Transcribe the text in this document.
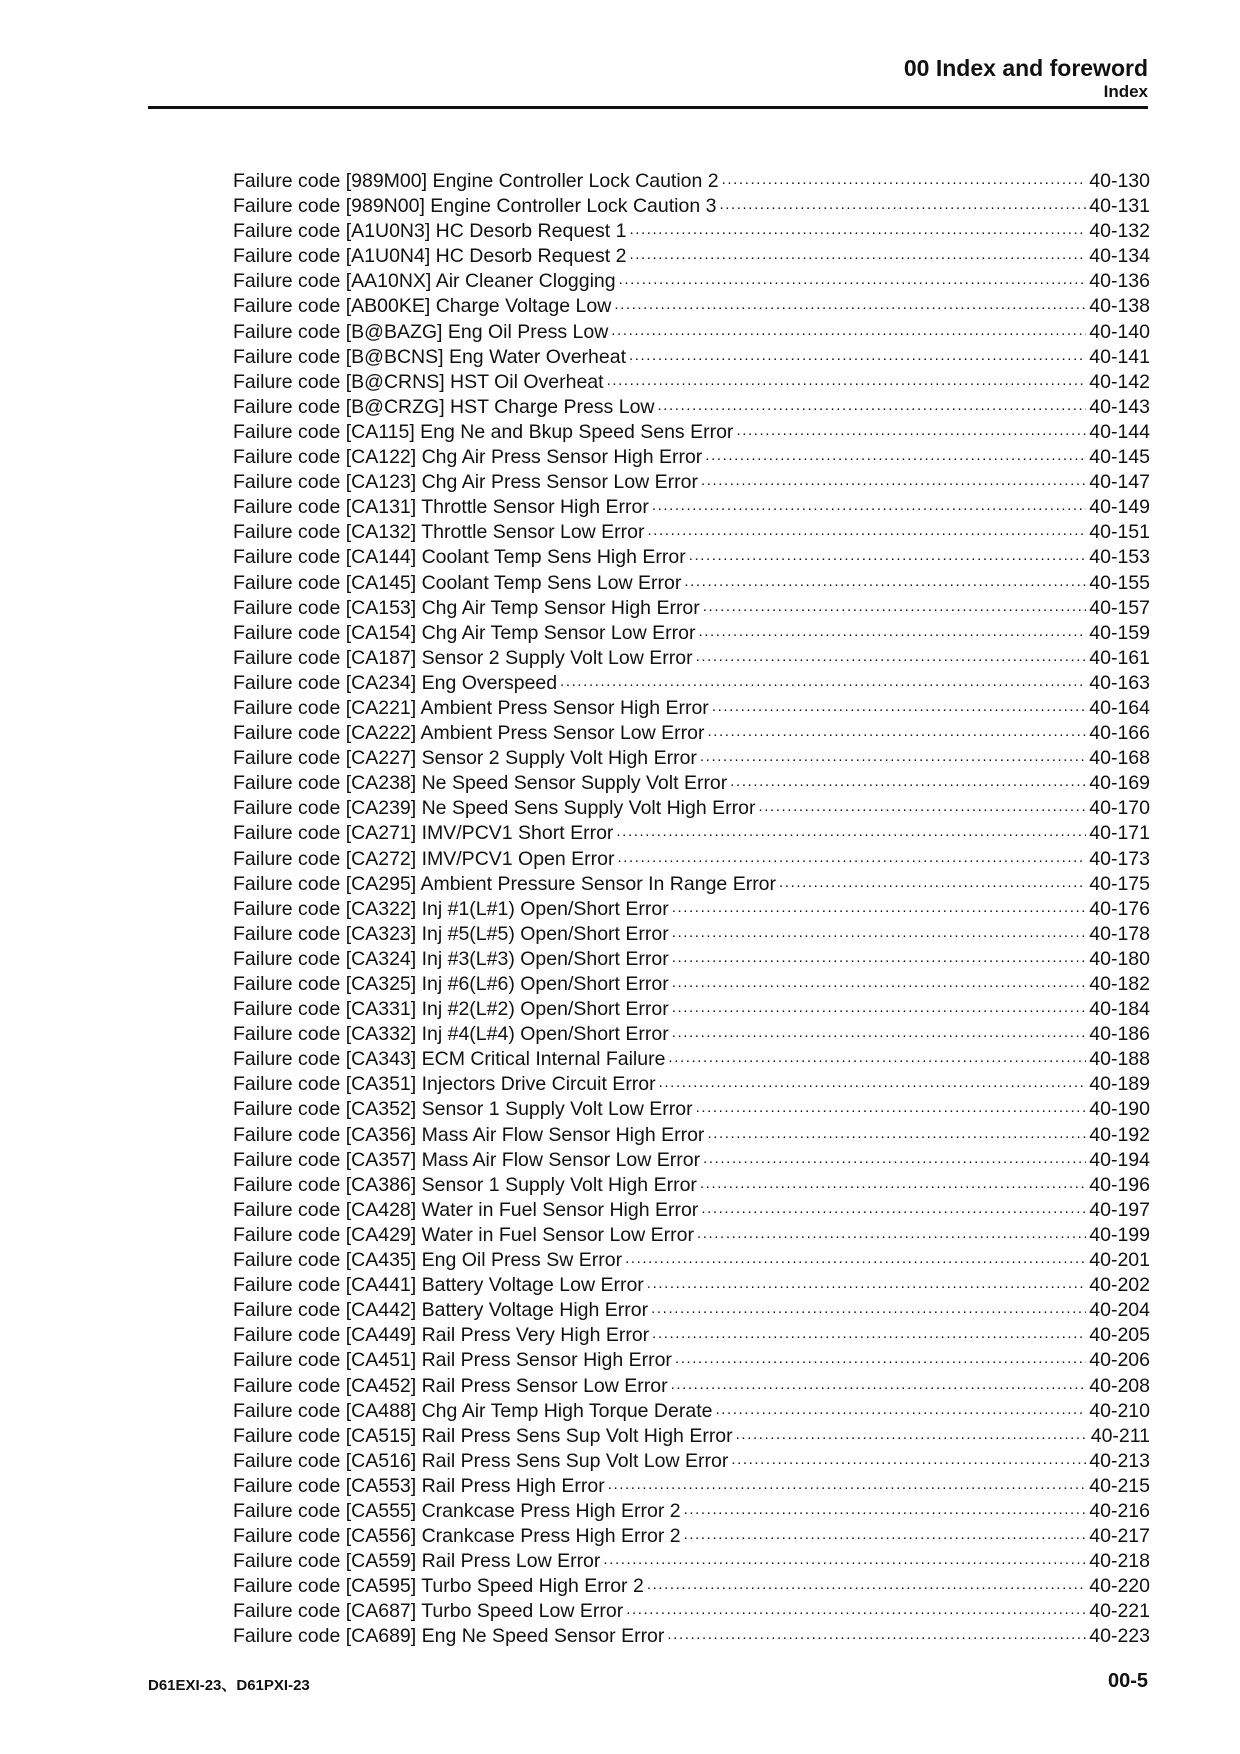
00 Index and foreword
Index
Failure code [989M00] Engine Controller Lock Caution 2 .....	40-130
Failure code [989N00] Engine Controller Lock Caution 3 .....	40-131
Failure code [A1U0N3] HC Desorb Request 1 .....	40-132
Failure code [A1U0N4] HC Desorb Request 2 .....	40-134
Failure code [AA10NX] Air Cleaner Clogging .....	40-136
Failure code [AB00KE] Charge Voltage Low .....	40-138
Failure code [B@BAZG] Eng Oil Press Low .....	40-140
Failure code [B@BCNS] Eng Water Overheat .....	40-141
Failure code [B@CRNS] HST Oil Overheat .....	40-142
Failure code [B@CRZG] HST Charge Press Low .....	40-143
Failure code [CA115] Eng Ne and Bkup Speed Sens Error .....	40-144
Failure code [CA122] Chg Air Press Sensor High Error .....	40-145
Failure code [CA123] Chg Air Press Sensor Low Error .....	40-147
Failure code [CA131] Throttle Sensor High Error .....	40-149
Failure code [CA132] Throttle Sensor Low Error .....	40-151
Failure code [CA144] Coolant Temp Sens High Error .....	40-153
Failure code [CA145] Coolant Temp Sens Low Error .....	40-155
Failure code [CA153] Chg Air Temp Sensor High Error .....	40-157
Failure code [CA154] Chg Air Temp Sensor Low Error .....	40-159
Failure code [CA187] Sensor 2 Supply Volt Low Error .....	40-161
Failure code [CA234] Eng Overspeed .....	40-163
Failure code [CA221] Ambient Press Sensor High Error .....	40-164
Failure code [CA222] Ambient Press Sensor Low Error .....	40-166
Failure code [CA227] Sensor 2 Supply Volt High Error .....	40-168
Failure code [CA238] Ne Speed Sensor Supply Volt Error .....	40-169
Failure code [CA239] Ne Speed Sens Supply Volt High Error .....	40-170
Failure code [CA271] IMV/PCV1 Short Error .....	40-171
Failure code [CA272] IMV/PCV1 Open Error .....	40-173
Failure code [CA295] Ambient Pressure Sensor In Range Error .....	40-175
Failure code [CA322] Inj #1(L#1) Open/Short Error .....	40-176
Failure code [CA323] Inj #5(L#5) Open/Short Error .....	40-178
Failure code [CA324] Inj #3(L#3) Open/Short Error .....	40-180
Failure code [CA325] Inj #6(L#6) Open/Short Error .....	40-182
Failure code [CA331] Inj #2(L#2) Open/Short Error .....	40-184
Failure code [CA332] Inj #4(L#4) Open/Short Error .....	40-186
Failure code [CA343] ECM Critical Internal Failure .....	40-188
Failure code [CA351] Injectors Drive Circuit Error .....	40-189
Failure code [CA352] Sensor 1 Supply Volt Low Error .....	40-190
Failure code [CA356] Mass Air Flow Sensor High Error .....	40-192
Failure code [CA357] Mass Air Flow Sensor Low Error .....	40-194
Failure code [CA386] Sensor 1 Supply Volt High Error .....	40-196
Failure code [CA428] Water in Fuel Sensor High Error .....	40-197
Failure code [CA429] Water in Fuel Sensor Low Error .....	40-199
Failure code [CA435] Eng Oil Press Sw Error .....	40-201
Failure code [CA441] Battery Voltage Low Error .....	40-202
Failure code [CA442] Battery Voltage High Error .....	40-204
Failure code [CA449] Rail Press Very High Error .....	40-205
Failure code [CA451] Rail Press Sensor High Error .....	40-206
Failure code [CA452] Rail Press Sensor Low Error .....	40-208
Failure code [CA488] Chg Air Temp High Torque Derate .....	40-210
Failure code [CA515] Rail Press Sens Sup Volt High Error .....	40-211
Failure code [CA516] Rail Press Sens Sup Volt Low Error .....	40-213
Failure code [CA553] Rail Press High Error .....	40-215
Failure code [CA555] Crankcase Press High Error 2 .....	40-216
Failure code [CA556] Crankcase Press High Error 2 .....	40-217
Failure code [CA559] Rail Press Low Error .....	40-218
Failure code [CA595] Turbo Speed High Error 2 .....	40-220
Failure code [CA687] Turbo Speed Low Error .....	40-221
Failure code [CA689] Eng Ne Speed Sensor Error .....	40-223
D61EXI-23、D61PXI-23	00-5
